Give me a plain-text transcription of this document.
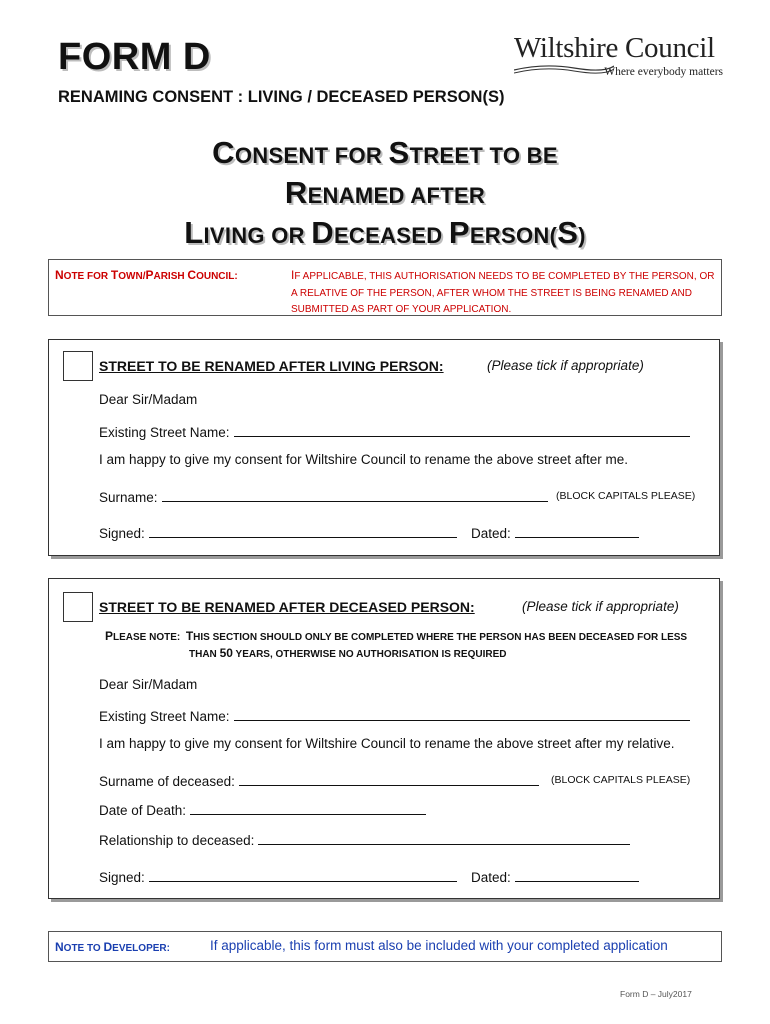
FORM D
RENAMING CONSENT : LIVING / DECEASED PERSON(S)
Wiltshire Council
Where everybody matters
CONSENT FOR STREET TO BE
RENAMED AFTER
LIVING OR DECEASED PERSON(S)
NOTE FOR TOWN/PARISH COUNCIL:	IF APPLICABLE, THIS AUTHORISATION NEEDS TO BE COMPLETED BY THE PERSON, OR A RELATIVE OF THE PERSON, AFTER WHOM THE STREET IS BEING RENAMED AND SUBMITTED AS PART OF YOUR APPLICATION.
STREET TO BE RENAMED AFTER LIVING PERSON:	(Please tick if appropriate)
Dear Sir/Madam
Existing Street Name:
I am happy to give my consent for Wiltshire Council to rename the above street after me.
Surname:	(BLOCK CAPITALS PLEASE)
Signed:	Dated:
STREET TO BE RENAMED AFTER DECEASED PERSON:	(Please tick if appropriate)
PLEASE NOTE: THIS SECTION SHOULD ONLY BE COMPLETED WHERE THE PERSON HAS BEEN DECEASED FOR LESS
THAN 50 YEARS, OTHERWISE NO AUTHORISATION IS REQUIRED
Dear Sir/Madam
Existing Street Name:
I am happy to give my consent for Wiltshire Council to rename the above street after my relative.
Surname of deceased:	(BLOCK CAPITALS PLEASE)
Date of Death:
Relationship to deceased:
Signed:	Dated:
NOTE TO DEVELOPER:	If applicable, this form must also be included with your completed application
Form D – July2017
